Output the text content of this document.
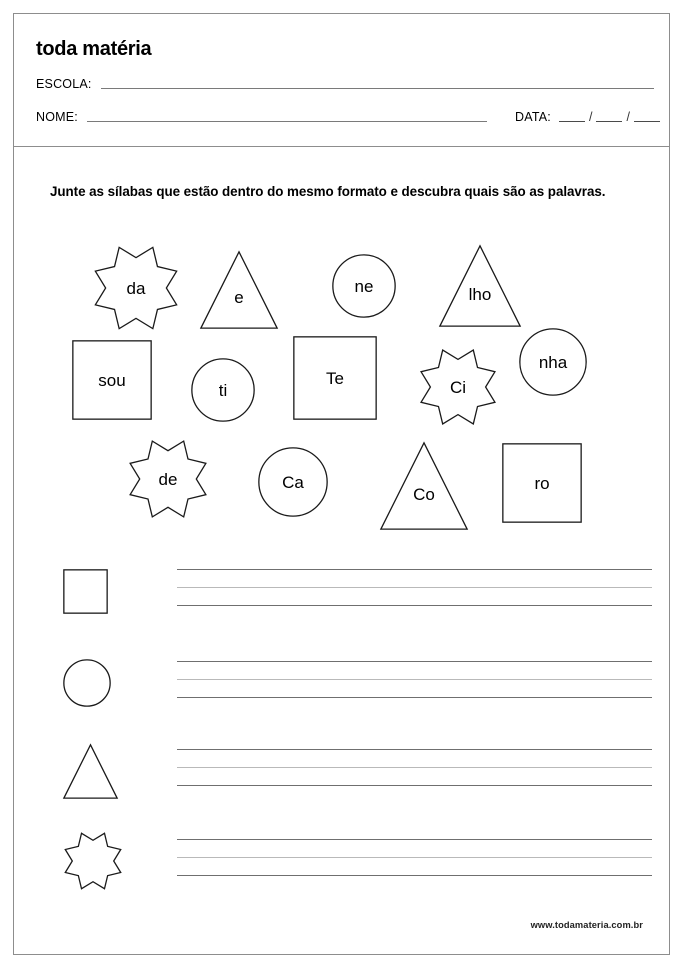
toda matéria
ESCOLA:
NOME:	DATA:	/	/
Junte as sílabas que estão dentro do mesmo formato e descubra quais são as palavras.
da
e
ne	lho
sou
ti
Te	Ci
nha
de	Ca
Co
ro
www.todamateria.com.br
